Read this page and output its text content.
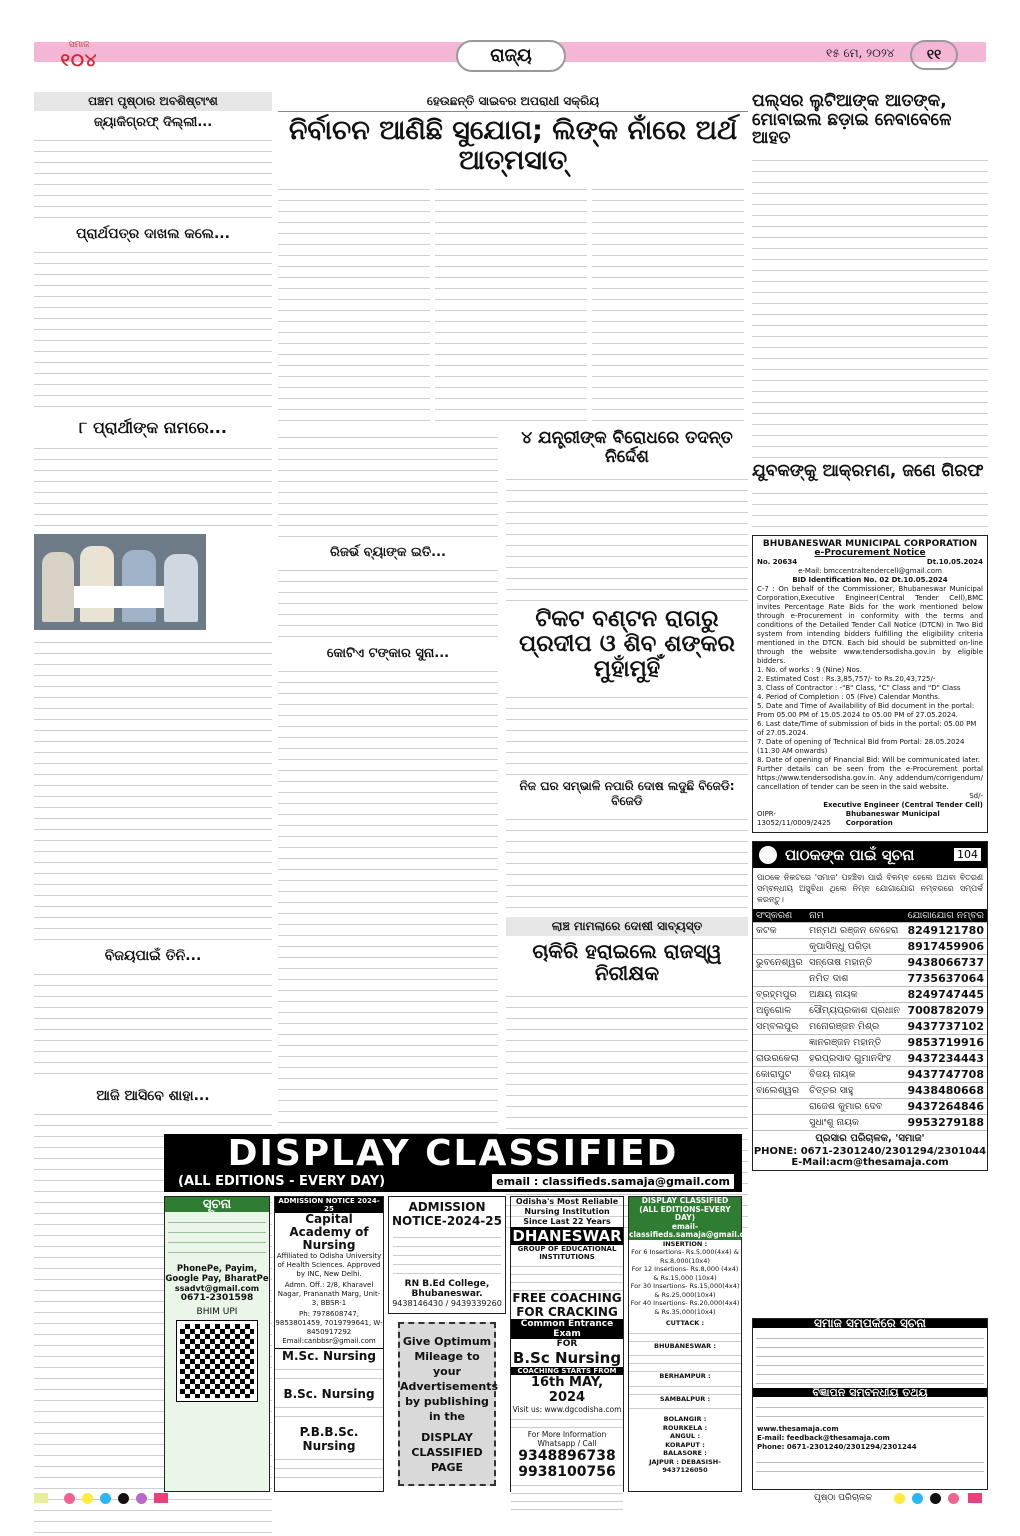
ସମାଜ
୧୦୪	ରାଜ୍ୟ	୧୫ ମେ, ୨୦୨୪	୧୧
ପଞ୍ଚମ ପୃଷ୍ଠାର ଅବଶିଷ୍ଟାଂଶ
ଜ୍ୟାକିଗ୍ରଫ୍ ଦିଲ୍ଲୀ...
ପ୍ରାର୍ଥପତ୍ର ଦାଖଲ କଲେ...
୮ ପ୍ରାର୍ଥୀଙ୍କ ନାମରେ...
ବିଜୟପାଇଁ ତିନି...
ଆଜି ଆସିବେ ଶାହା...
ହେଉଛନ୍ତି ସାଇବର ଅପରାଧୀ ସକ୍ରିୟ
ନିର୍ବାଚନ ଆଣିଛି ସୁଯୋଗ; ଲିଙ୍କ ନାଁରେ ଅର୍ଥ ଆତ୍ମସାତ୍
ରିଜର୍ଭ ବ୍ୟାଙ୍କ ଇତି...
କୋଟିଏ ଟଙ୍କାର ସୁନା...
୪ ଯନ୍ତ୍ରୀଙ୍କ ବିରୋଧରେ ତଦନ୍ତ ନିର୍ଦ୍ଦେଶ
ଟିକଟ ବଣ୍ଟନ ରାଗରୁ ପ୍ରଦୀପ ଓ ଶିବ ଶଙ୍କର ମୁହାଁମୁହିଁ
ନିଜ ଘର ସମ୍ଭାଳି ନପାରି ଦୋଷ ଲଦୁଛି ବିଜେଡି: ବିଜେଡି
ଲାଞ୍ଚ ମାମଲାରେ ଦୋଷୀ ସାବ୍ୟସ୍ତ
ଚାକିରି ହରାଇଲେ ରାଜସ୍ୱ ନିରୀକ୍ଷକ
ପଲ୍‌ସର ଲୁଟିଆଙ୍କ ଆତଙ୍କ, ମୋବାଇଲ ଛଡ଼ାଇ ନେବାବେଳେ ଆହତ
ଯୁବକଙ୍କୁ ଆକ୍ରମଣ, ଜଣେ ଗିରଫ
BHUBANESWAR MUNICIPAL CORPORATION
e-Procurement Notice
No. 20634	Dt.10.05.2024
e-Mail: bmccentraltendercell@gmail.com
BID Identification No. 02 Dt.10.05.2024
C-7 : On behalf of the Commissioner, Bhubaneswar Municipal Corporation,Executive Engineer(Central Tender Cell),BMC invites Percentage Rate Bids for the work mentioned below through e-Procurement in conformity with the terms and conditions of the Detailed Tender Call Notice (DTCN) in Two Bid system from intending bidders fulfilling the eligibility criteria mentioned in the DTCN. Each bid should be submitted on-line through the website www.tendersodisha.gov.in by eligible bidders.
1. No. of works : 9 (Nine) Nos.
2. Estimated Cost : Rs.3,85,757/- to Rs.20,43,725/-
3. Class of Contractor : -"B" Class, "C" Class and "D" Class
4. Period of Completion : 05 (Five) Calendar Months.
5. Date and Time of Availability of Bid document in the portal: From 05.00 PM of 15.05.2024 to 05.00 PM of 27.05.2024.
6. Last date/Time of submission of bids in the portal: 05.00 PM of 27.05.2024.
7. Date of opening of Technical Bid from Portal: 28.05.2024 (11.30 AM onwards)
8. Date of opening of Financial Bid: Will be communicated later.
Further details can be seen from the e-Procurement portal https://www.tendersodisha.gov.in. Any addendum/corrigendum/ cancellation of tender can be seen in the said website.
Sd/-
Executive Engineer (Central Tender Cell)
OIPR-13052/11/0009/2425
Bhubaneswar Municipal Corporation
ପାଠକଙ୍କ ପାଇଁ ସୂଚନା	104
ପାଠକେ ନିକଟରେ 'ସମାଜ' ପହଞ୍ଚିବା ପାଇଁ ବିଳମ୍ବ ହେଲେ ଅଥବା ବିତରଣ ସମ୍ବନ୍ଧୀୟ ଅସୁବିଧା ଥିଲେ ନିମ୍ନ ଯୋଗାଯୋଗ ନମ୍ବରରେ ସମ୍ପର୍କ କରନ୍ତୁ।
ସଂସ୍କରଣ	ନାମ	ଯୋଗାଯୋଗ ନମ୍ବର
କଟକ	ମନ୍ମଥ ରଞ୍ଜନ ବେହେରା	8249121780
	କୃପାସିନ୍ଧୁ ପରିଡ଼ା	8917459906
ଭୁବନେଶ୍ୱର	ସନ୍ତୋଷ ମହାନ୍ତି	9438066737
	ନମିତ ଦାଶ	7735637064
ବ୍ରହ୍ମପୁର	ଅକ୍ଷୟ ନାୟକ	8249747445
ଅନୁଗୋଳ	ସୌମ୍ୟପ୍ରକାଶ ପ୍ରଧାନ	7008782079
ସମ୍ବଲପୁର	ମନୋରଞ୍ଜନ ମିଶ୍ର	9437737102
	ଜ୍ଞାନରଞ୍ଜନ ମହାନ୍ତି	9853719916
ରାଉରକେଲା	ହରପ୍ରସାଦ ଗୁମାନସିଂହ	9437234443
କୋରାପୁଟ	ବିଜୟ ନାୟକ	9437747708
ବାଲେଶ୍ୱର	ଚିତ୍ତର ସାହୁ	9438480668
	ରାଜେଶ କୁମାର ଦେବ	9437264846
	ସୁଧାଂଶୁ ନାୟକ	9953279188
ପ୍ରସାର ପରିଚାଳକ, 'ସମାଜ'
PHONE: 0671-2301240/2301294/2301044
E-Mail:acm@thesamaja.com
DISPLAY CLASSIFIED
(ALL EDITIONS - EVERY DAY)	email : classifieds.samaja@gmail.com
ସୂଚନା
PhonePe, Payim, Google Pay, BharatPe
ssadvt@gmail.com
0671-2301598
BHIM UPI
ADMISSION NOTICE 2024-25
Capital Academy of Nursing
Affiliated to Odisha University of Health Sciences. Approved by INC, New Delhi.
Admn. Off.: 2/8, Kharavel Nagar, Prananath Marg, Unit-3, BBSR-1
Ph: 7978608747, 9853801459, 7019799641, W-8450917292
Email:canbbsr@gmail.com
M.Sc. Nursing
B.Sc. Nursing
P.B.B.Sc. Nursing
ADMISSION NOTICE-2024-25
RN B.Ed College, Bhubaneswar.
9438146430 / 9439339260
Give Optimum Mileage to your Advertisements by publishing in the
DISPLAY CLASSIFIED PAGE
Odisha's Most Reliable Nursing Institution Since Last 22 Years
DHANESWAR
GROUP OF EDUCATIONAL INSTITUTIONS
FREE COACHING FOR CRACKING
Common Entrance Exam
FOR
B.Sc Nursing
COACHING STARTS FROM
16th MAY, 2024
Visit us: www.dgcodisha.com
For More Information Whatsapp / Call
9348896738
9938100756
DISPLAY CLASSIFIED
(ALL EDITIONS-EVERY DAY)
email-classifieds.samaja@gmail.com
INSERTION :
For 6 Insertions- Rs.5,000(4x4) & Rs.8,000(10x4)
For 12 Insertions- Rs.8,000 (4x4) & Rs.15,000 (10x4)
For 30 Insertions- Rs.15,000(4x4) & Rs.25,000(10x4)
For 40 Insertions- Rs.20,000(4x4) & Rs.35,000(10x4)
CUTTACK :
BHUBANESWAR :
BERHAMPUR :
SAMBALPUR :
BOLANGIR :
ROURKELA :
ANGUL :
KORAPUT :
BALASORE :
JAJPUR : DEBASISH-9437126050
ସମାଜ ସମ୍ପର୍କରେ ସୂଚନା
ବିଜ୍ଞାପନ ସମ୍ବନ୍ଧୀୟ ତଥ୍ୟ
www.thesamaja.com
E-mail: feedback@thesamaja.com
Phone: 0671-2301240/2301294/2301244
ପୃଷ୍ଠା ପରିଚାଳକ
